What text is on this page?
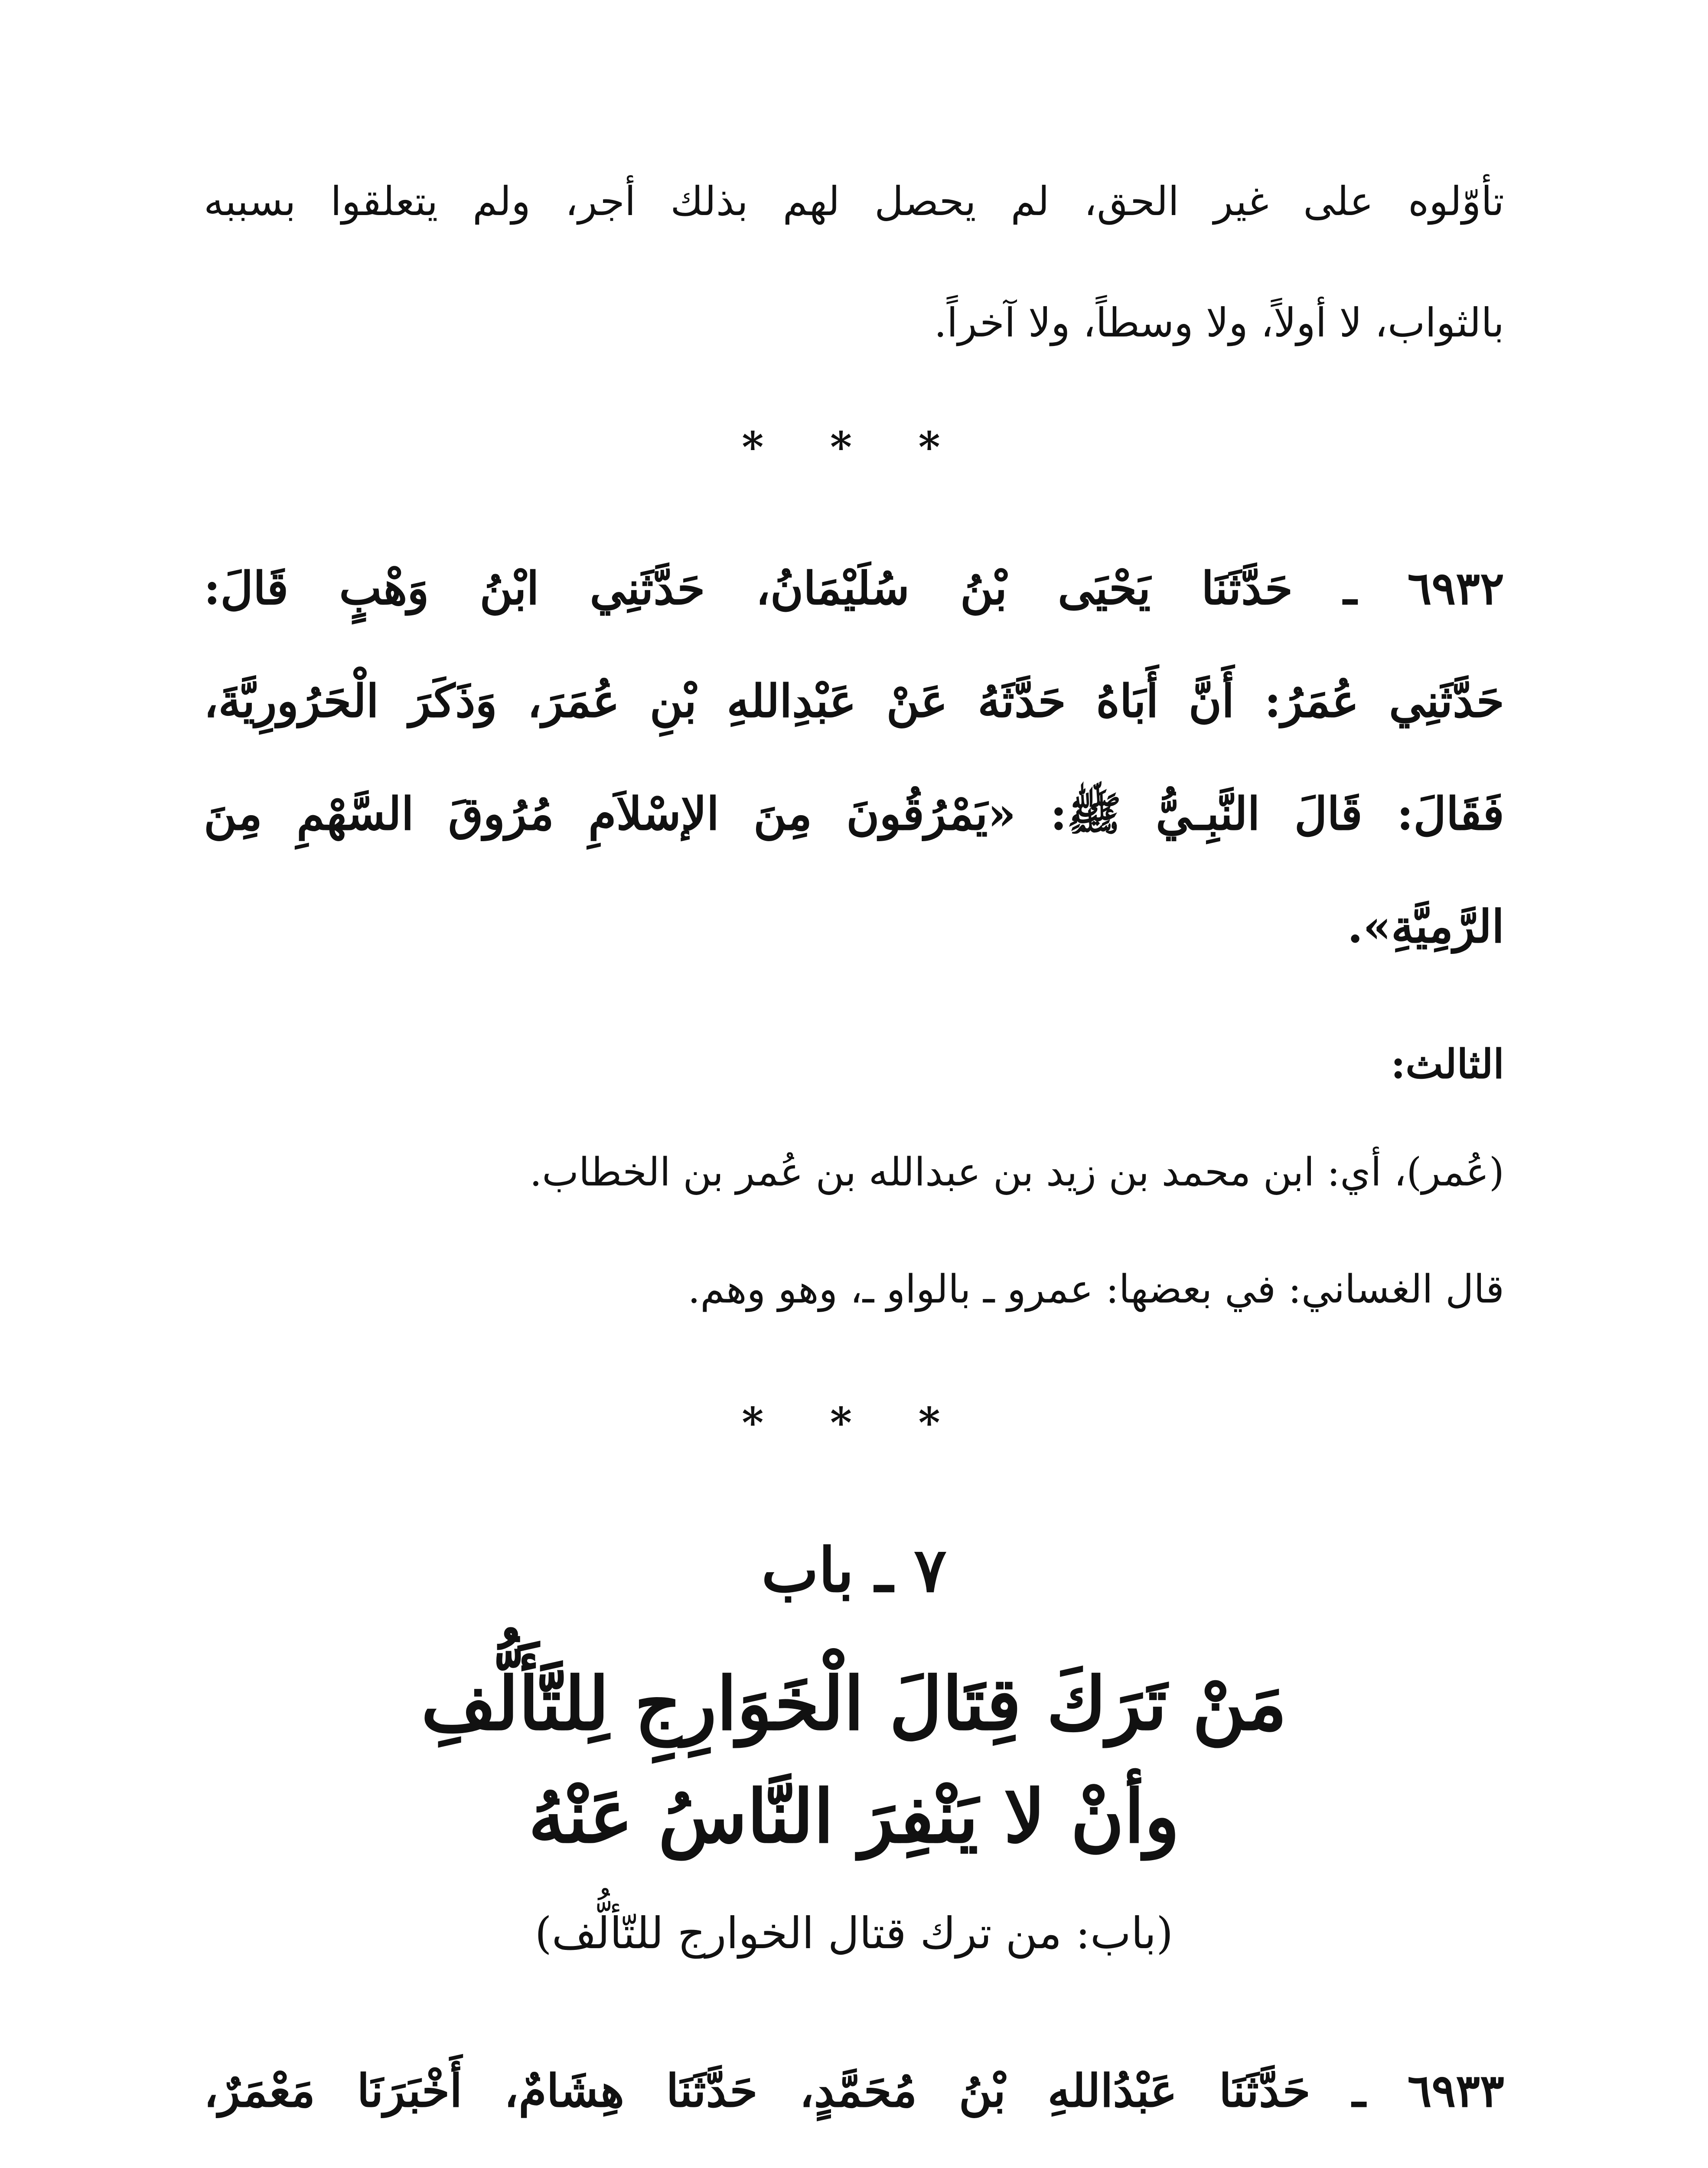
تأوّلوه على غير الحق، لم يحصل لهم بذلك أجر، ولم يتعلقوا بسببه
بالثواب، لا أولاً، ولا وسطاً، ولا آخراً.
* * *
٦٩٣٢ ـ حَدَّثَنَا يَحْيَى بْنُ سُلَيْمَانُ، حَدَّثَنِي ابْنُ وَهْبٍ قَالَ:
حَدَّثَنِي عُمَرُ: أَنَّ أَبَاهُ حَدَّثَهُ عَنْ عَبْدِاللهِ بْنِ عُمَرَ، وَذَكَرَ الْحَرُورِيَّةَ،
فَقَالَ: قَالَ النَّبِـيُّ ﷺ: «يَمْرُقُونَ مِنَ الإسْلاَمِ مُرُوقَ السَّهْمِ مِنَ
الرَّمِيَّةِ».
الثالث:
(عُمر)، أي: ابن محمد بن زيد بن عبدالله بن عُمر بن الخطاب.
قال الغساني: في بعضها: عمرو ـ بالواو ـ، وهو وهم.
* * *
٧ ـ باب
مَنْ تَرَكَ قِتَالَ الْخَوَارِجِ لِلتَّأَلُّفِ
وأنْ لا يَنْفِرَ النَّاسُ عَنْهُ
(باب: من ترك قتال الخوارج للتّألُّف)
٦٩٣٣ ـ حَدَّثَنَا عَبْدُاللهِ بْنُ مُحَمَّدٍ، حَدَّثَنَا هِشَامٌ، أَخْبَرَنَا مَعْمَرٌ،
